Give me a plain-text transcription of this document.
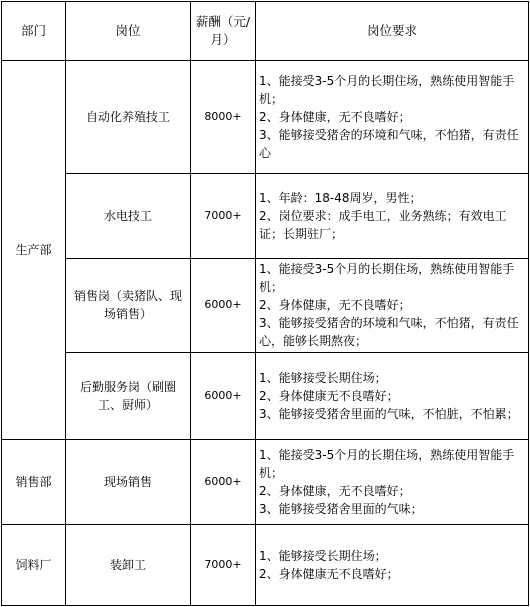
部门	岗位	薪酬（元/月）	岗位要求
生产部	自动化养殖技工	8000+	1、能接受3-5个月的长期住场，熟练使用智能手机；
2、身体健康，无不良嗜好；
3、能够接受猪舍的环境和气味，不怕猪，有责任心

	水电技工	7000+	1、年龄：18-48周岁，男性；
2、岗位要求：成手电工，业务熟练；有效电工证；长期驻厂；

	销售岗（卖猪队、现场销售）	6000+	1、能接受3-5个月的长期住场，熟练使用智能手机；
2、身体健康，无不良嗜好；
3、能够接受猪舍的环境和气味，不怕猪，有责任心，能够长期熬夜；

	后勤服务岗（刷圈工、厨师）	6000+	1、能够接受长期住场；
2、身体健康无不良嗜好；
3、能够接受猪舍里面的气味，不怕脏，不怕累；

销售部	现场销售	6000+	1、能接受3-5个月的长期住场，熟练使用智能手机；
2、身体健康，无不良嗜好；
3、能够接受猪舍里面的气味；

饲料厂	装卸工	7000+	1、能够接受长期住场；
2、身体健康无不良嗜好；
